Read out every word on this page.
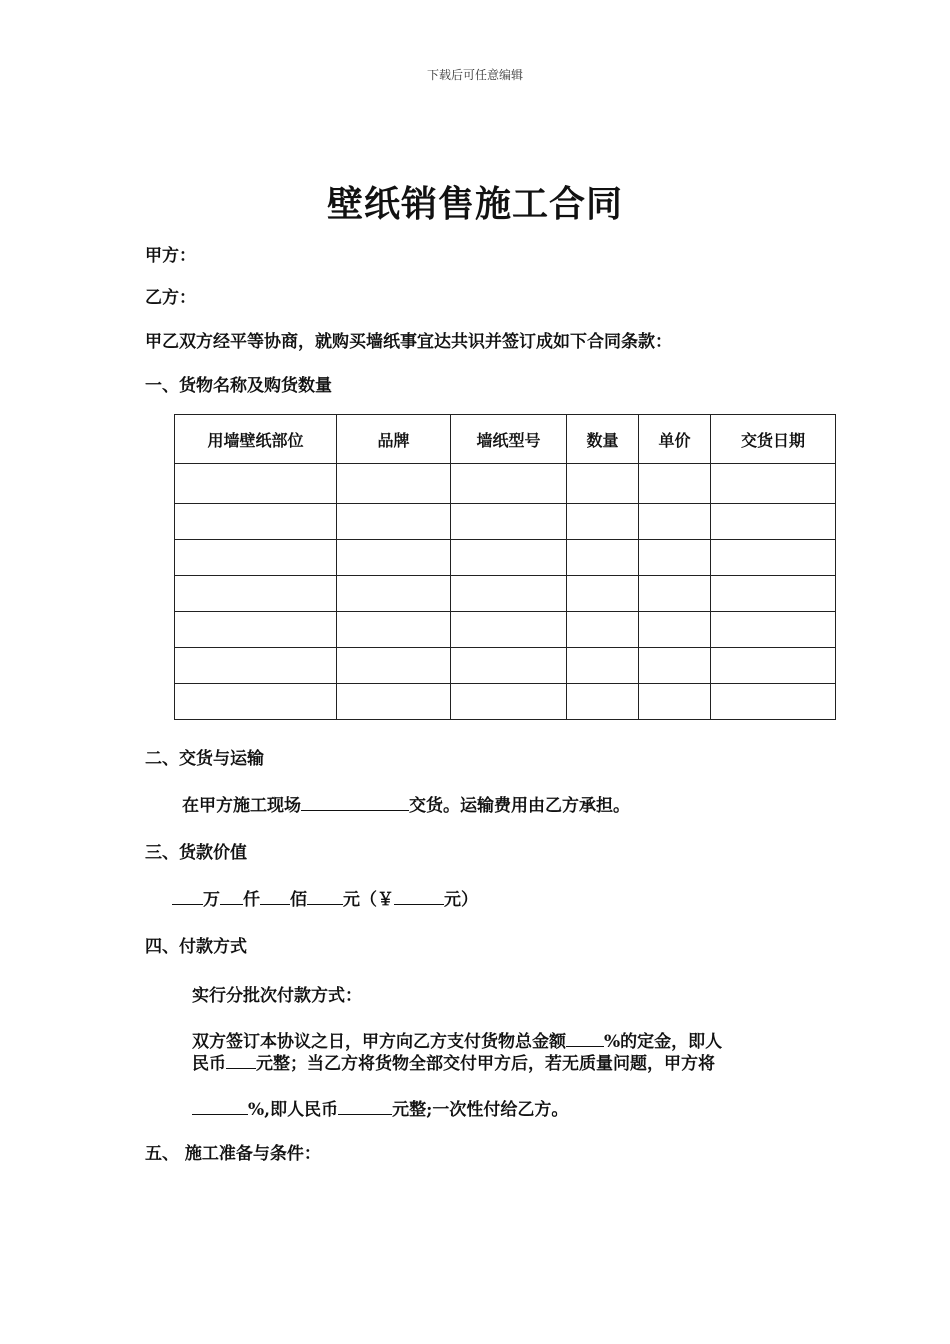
下载后可任意编辑
壁纸销售施工合同
甲方：
乙方：
甲乙双方经平等协商，就购买墙纸事宜达共识并签订成如下合同条款：
一、货物名称及购货数量
用墙壁纸部位	品牌	墙纸型号	数量	单价	交货日期

二、交货与运输
在甲方施工现场	交货。运输费用由乙方承担。
三、货款价值
万 仟 佰 元（￥	元）
四、付款方式
实行分批次付款方式：
双方签订本协议之日，甲方向乙方支付货物总金额 %的定金，即人
民币 元整；当乙方将货物全部交付甲方后，若无质量问题，甲方将
%,即人民币	元整;一次性付给乙方。
五、 施工准备与条件：
